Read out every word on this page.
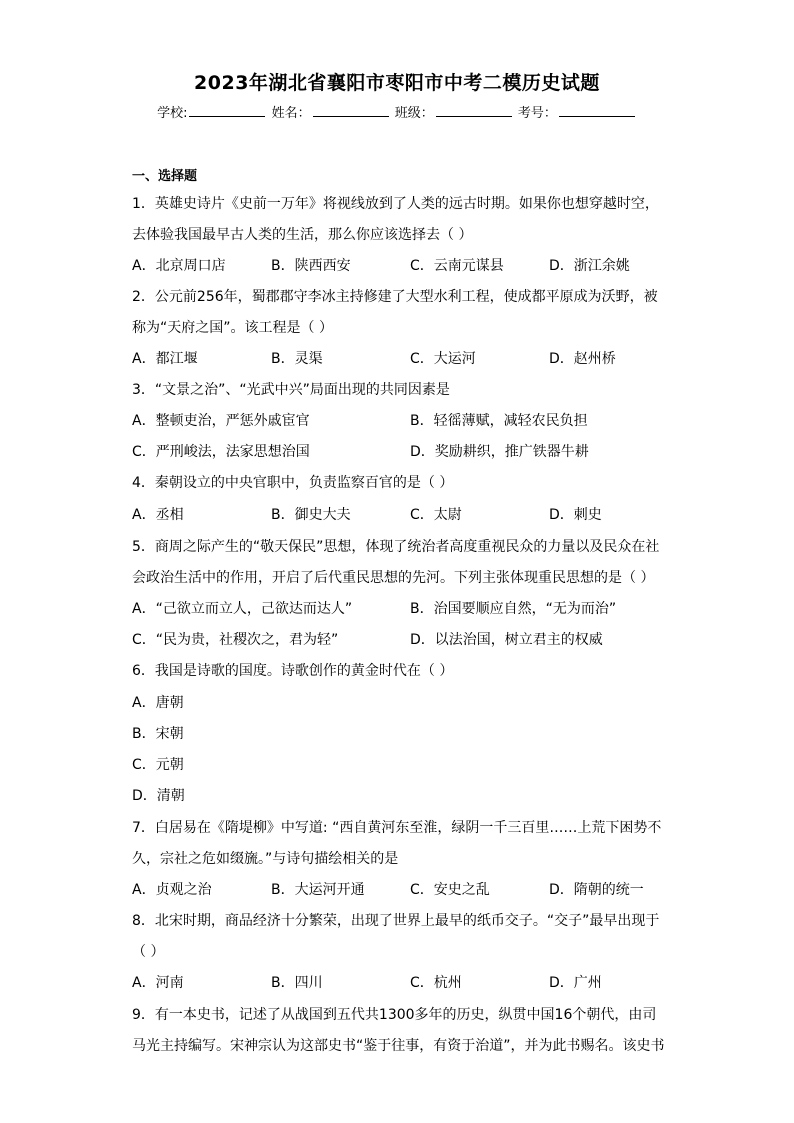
2023年湖北省襄阳市枣阳市中考二模历史试题
学校:	姓名：	班级：	考号：
一、选择题
1．英雄史诗片《史前一万年》将视线放到了人类的远古时期。如果你也想穿越时空，
去体验我国最早古人类的生活，那么你应该选择去（ ）
A．北京周口店	B．陕西西安	C．云南元谋县	D．浙江余姚
2．公元前256年，蜀郡郡守李冰主持修建了大型水利工程，使成都平原成为沃野，被
称为“天府之国”。该工程是（ ）
A．都江堰	B．灵渠	C．大运河	D．赵州桥
3．“文景之治”、“光武中兴”局面出现的共同因素是
A．整顿吏治，严惩外戚宦官	B．轻徭薄赋，减轻农民负担
C．严刑峻法，法家思想治国	D．奖励耕织，推广铁器牛耕
4．秦朝设立的中央官职中，负责监察百官的是（ ）
A．丞相	B．御史大夫	C．太尉	D．刺史
5．商周之际产生的“敬天保民”思想，体现了统治者高度重视民众的力量以及民众在社
会政治生活中的作用，开启了后代重民思想的先河。下列主张体现重民思想的是（ ）
A．“己欲立而立人，己欲达而达人”	B．治国要顺应自然，“无为而治”
C．“民为贵，社稷次之，君为轻”	D．以法治国，树立君主的权威
6．我国是诗歌的国度。诗歌创作的黄金时代在（ ）
A．唐朝
B．宋朝
C．元朝
D．清朝
7．白居易在《隋堤柳》中写道: “西自黄河东至淮，绿阴一千三百里……上荒下困势不
久，宗社之危如缀旒。”与诗句描绘相关的是
A．贞观之治	B．大运河开通	C．安史之乱	D．隋朝的统一
8．北宋时期，商品经济十分繁荣，出现了世界上最早的纸币交子。“交子”最早出现于
（ ）
A．河南	B．四川	C．杭州	D．广州
9．有一本史书，记述了从战国到五代共1300多年的历史，纵贯中国16个朝代，由司
马光主持编写。宋神宗认为这部史书“鉴于往事，有资于治道”，并为此书赐名。该史书
